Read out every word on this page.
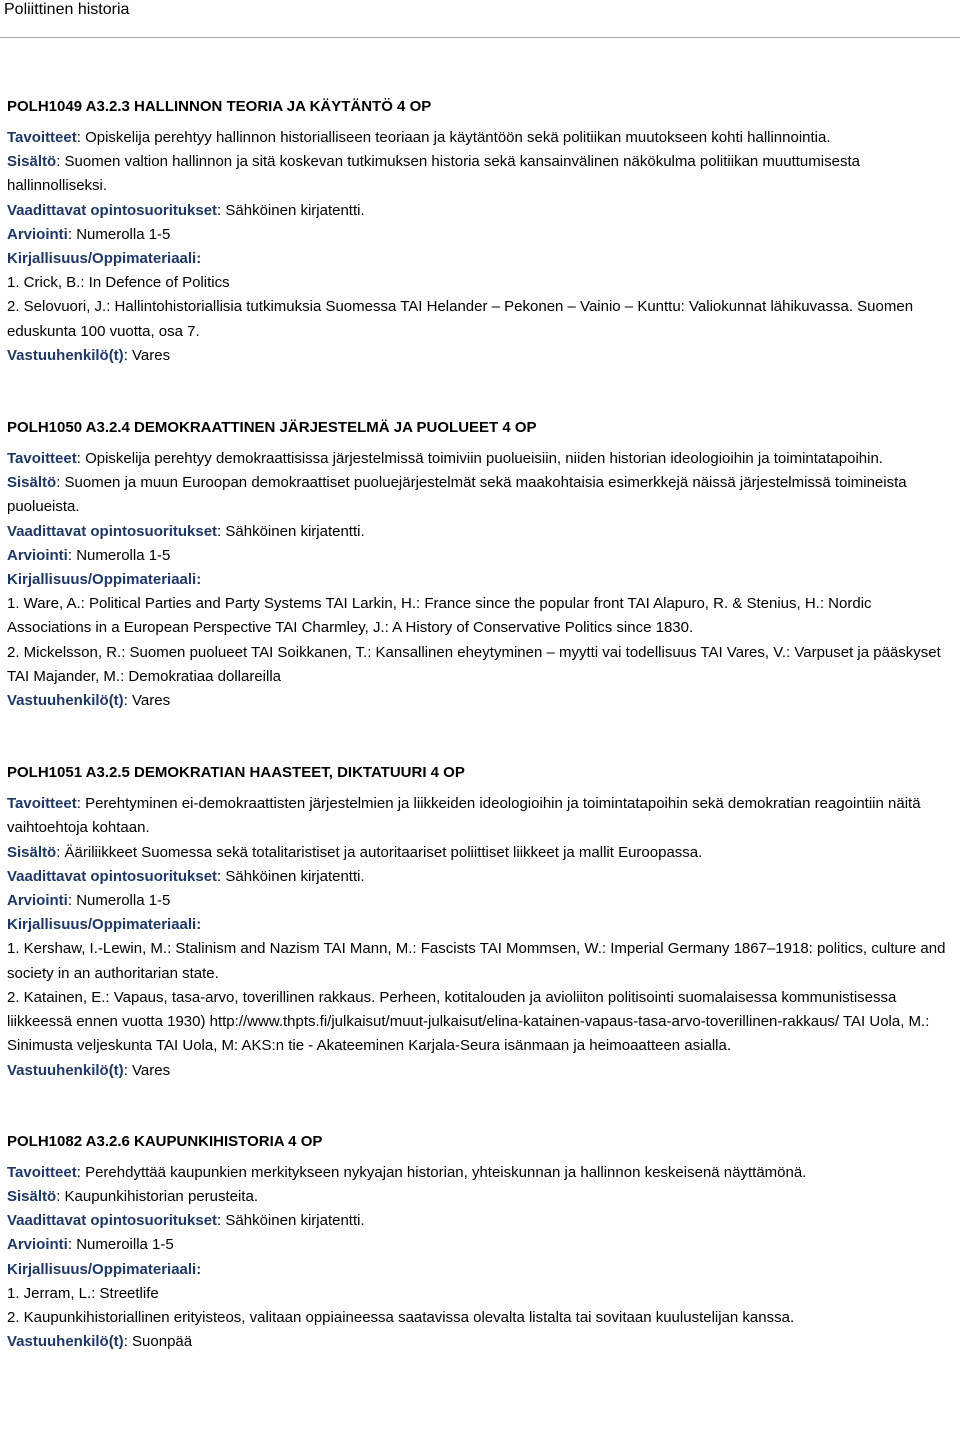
Poliittinen historia
POLH1049 A3.2.3 HALLINNON TEORIA JA KÄYTÄNTÖ 4 OP
Tavoitteet: Opiskelija perehtyy hallinnon historialliseen teoriaan ja käytäntöön sekä politiikan muutokseen kohti hallinnointia.
Sisältö: Suomen valtion hallinnon ja sitä koskevan tutkimuksen historia sekä kansainvälinen näkökulma politiikan muuttumisesta hallinnolliseksi.
Vaadittavat opintosuoritukset: Sähköinen kirjatentti.
Arviointi: Numerolla 1-5
Kirjallisuus/Oppimateriaali:
1. Crick, B.: In Defence of Politics
2. Selovuori, J.: Hallintohistoriallisia tutkimuksia Suomessa TAI Helander – Pekonen – Vainio – Kunttu: Valiokunnat lähikuvassa. Suomen eduskunta 100 vuotta, osa 7.
Vastuuhenkilö(t): Vares
POLH1050 A3.2.4 DEMOKRAATTINEN JÄRJESTELMÄ JA PUOLUEET 4 OP
Tavoitteet: Opiskelija perehtyy demokraattisissa järjestelmissä toimiviin puolueisiin, niiden historian ideologioihin ja toimintatapoihin.
Sisältö: Suomen ja muun Euroopan demokraattiset puoluejärjestelmät sekä maakohtaisia esimerkkejä näissä järjestelmissä toimineista puolueista.
Vaadittavat opintosuoritukset: Sähköinen kirjatentti.
Arviointi: Numerolla 1-5
Kirjallisuus/Oppimateriaali:
1. Ware, A.: Political Parties and Party Systems TAI Larkin, H.: France since the popular front TAI Alapuro, R. & Stenius, H.: Nordic Associations in a European Perspective TAI Charmley, J.: A History of Conservative Politics since 1830.
2. Mickelsson, R.: Suomen puolueet TAI Soikkanen, T.: Kansallinen eheytyminen – myytti vai todellisuus TAI Vares, V.: Varpuset ja pääskyset TAI Majander, M.: Demokratiaa dollareilla
Vastuuhenkilö(t): Vares
POLH1051 A3.2.5 DEMOKRATIAN HAASTEET, DIKTATUURI 4 OP
Tavoitteet: Perehtyminen ei-demokraattisten järjestelmien ja liikkeiden ideologioihin ja toimintatapoihin sekä demokratian reagointiin näitä vaihtoehtoja kohtaan.
Sisältö: Ääriliikkeet Suomessa sekä totalitaristiset ja autoritaariset poliittiset liikkeet ja mallit Euroopassa.
Vaadittavat opintosuoritukset: Sähköinen kirjatentti.
Arviointi: Numerolla 1-5
Kirjallisuus/Oppimateriaali:
1. Kershaw, I.-Lewin, M.: Stalinism and Nazism TAI Mann, M.: Fascists TAI Mommsen, W.: Imperial Germany 1867–1918: politics, culture and society in an authoritarian state.
2. Katainen, E.: Vapaus, tasa-arvo, toverillinen rakkaus. Perheen, kotitalouden ja avioliiton politisointi suomalaisessa kommunistisessa liikkeessä ennen vuotta 1930) http://www.thpts.fi/julkaisut/muut-julkaisut/elina-katainen-vapaus-tasa-arvo-toverillinen-rakkaus/ TAI Uola, M.: Sinimusta veljeskunta TAI Uola, M: AKS:n tie - Akateeminen Karjala-Seura isänmaan ja heimoaatteen asialla.
Vastuuhenkilö(t): Vares
POLH1082 A3.2.6 KAUPUNKIHISTORIA 4 OP
Tavoitteet: Perehdyttää kaupunkien merkitykseen nykyajan historian, yhteiskunnan ja hallinnon keskeisenä näyttämönä.
Sisältö: Kaupunkihistorian perusteita.
Vaadittavat opintosuoritukset: Sähköinen kirjatentti.
Arviointi: Numeroilla 1-5
Kirjallisuus/Oppimateriaali:
1. Jerram, L.: Streetlife
2. Kaupunkihistoriallinen erityisteos, valitaan oppiaineessa saatavissa olevalta listalta tai sovitaan kuulustelijan kanssa.
Vastuuhenkilö(t): Suonpää
